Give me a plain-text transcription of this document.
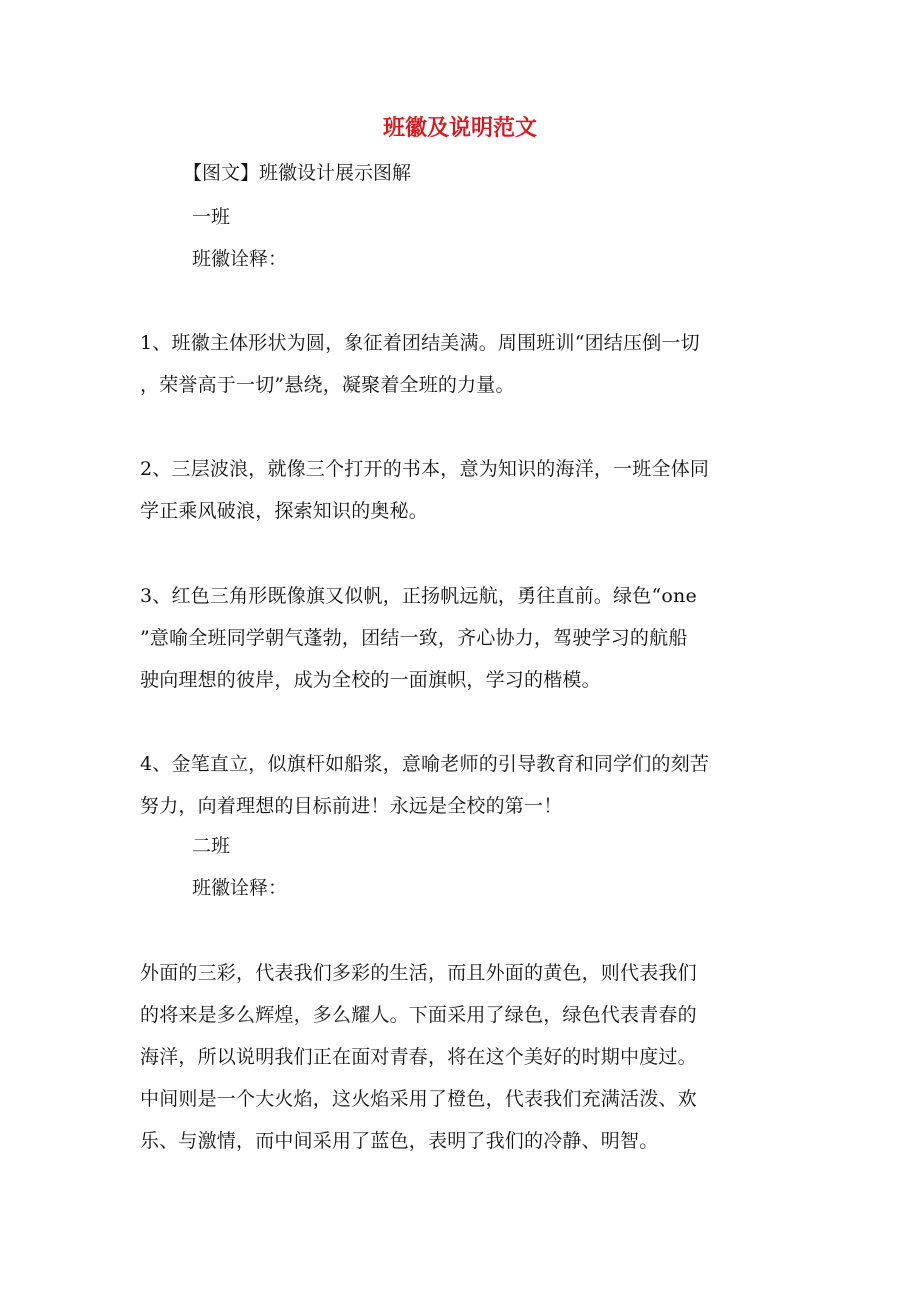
班徽及说明范文
【图文】班徽设计展示图解
一班
班徽诠释：
1、班徽主体形状为圆，象征着团结美满。周围班训“团结压倒一切
，荣誉高于一切”悬绕，凝聚着全班的力量。
2、三层波浪，就像三个打开的书本，意为知识的海洋，一班全体同
学正乘风破浪，探索知识的奥秘。
3、红色三角形既像旗又似帆，正扬帆远航，勇往直前。绿色“one
”意喻全班同学朝气蓬勃，团结一致，齐心协力，驾驶学习的航船
驶向理想的彼岸，成为全校的一面旗帜，学习的楷模。
4、金笔直立，似旗杆如船浆，意喻老师的引导教育和同学们的刻苦
努力，向着理想的目标前进！永远是全校的第一！
二班
班徽诠释：
外面的三彩，代表我们多彩的生活，而且外面的黄色，则代表我们
的将来是多么辉煌，多么耀人。下面采用了绿色，绿色代表青春的
海洋，所以说明我们正在面对青春，将在这个美好的时期中度过。
中间则是一个大火焰，这火焰采用了橙色，代表我们充满活泼、欢
乐、与激情，而中间采用了蓝色，表明了我们的冷静、明智。
